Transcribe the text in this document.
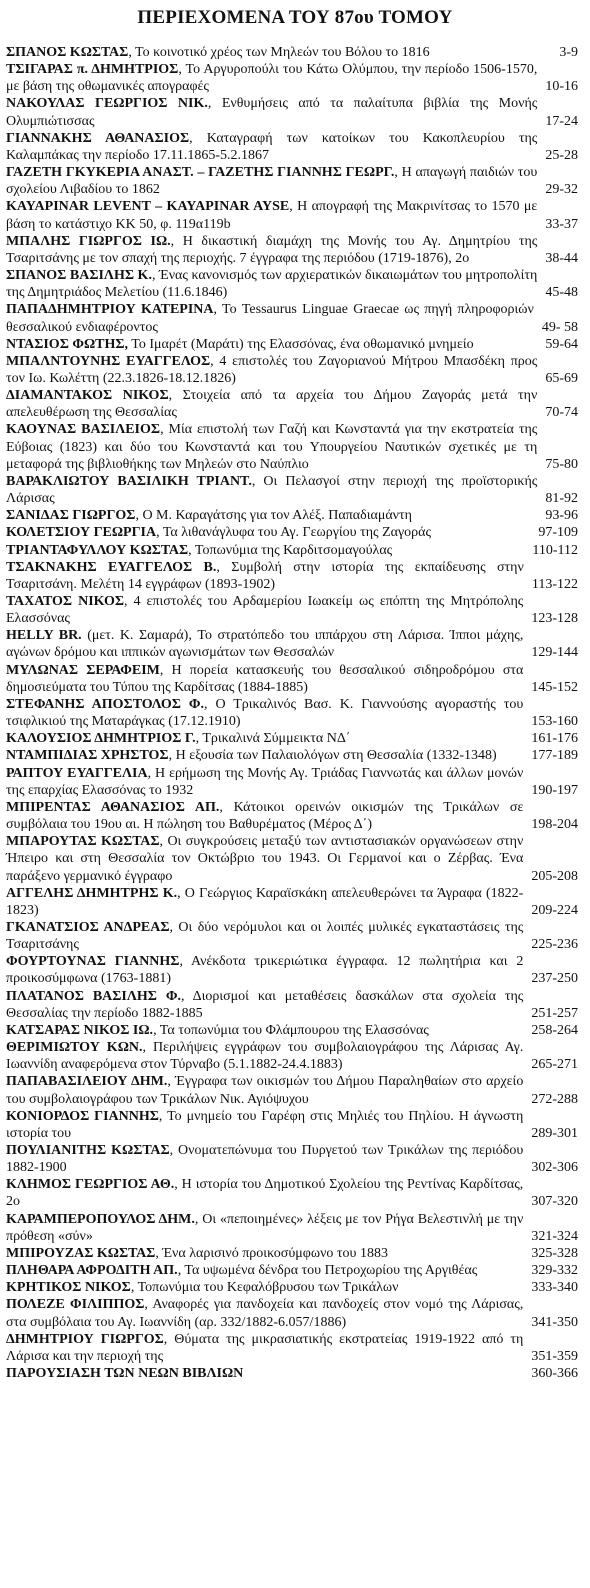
ΠΕΡΙΕΧΟΜΕΝΑ ΤΟΥ 87ου ΤΟΜΟΥ
ΣΠΑΝΟΣ ΚΩΣΤΑΣ, Το κοινοτικό χρέος των Μηλεών του Βόλου το 1816	3-9
ΤΣΙΓΑΡΑΣ π. ΔΗΜΗΤΡΙΟΣ, Το Αργυροπούλι του Κάτω Ολύμπου, την περίοδο 1506-1570, με βάση της οθωμανικές απογραφές	10-16
ΝΑΚΟΥΛΑΣ ΓΕΩΡΓΙΟΣ ΝΙΚ., Ενθυμήσεις από τα παλαίτυπα βιβλία της Μονής Ολυμπιώτισσας	17-24
ΓΙΑΝΝΑΚΗΣ ΑΘΑΝΑΣΙΟΣ, Καταγραφή των κατοίκων του Κακοπλευρίου της Καλαμπάκας την περίοδο 17.11.1865-5.2.1867	25-28
ΓΑΖΕΤΗ ΓΚΥΚΕΡΙΑ ΑΝΑΣΤ. – ΓΑΖΕΤΗΣ ΓΙΑΝΝΗΣ ΓΕΩΡΓ., Η απαγωγή παιδιών του σχολείου Λιβαδίου το 1862	29-32
KAYAPINAR LEVENT – KAYAPINAR AYSE, Η απογραφή της Μακρινίτσας το 1570 με βάση το κατάστιχο ΚΚ 50, φ. 119α119b	33-37
ΜΠΑΛΗΣ ΓΙΩΡΓΟΣ ΙΩ., Η δικαστική διαμάχη της Μονής του Αγ. Δημητρίου της Τσαριτσάνης με τον σπαχή της περιοχής. 7 έγγραφα της περιόδου (1719-1876), 2ο	38-44
ΣΠΑΝΟΣ ΒΑΣΙΛΗΣ Κ., Ένας κανονισμός των αρχιερατικών δικαιωμάτων του μητροπολίτη της Δημητριάδος Μελετίου (11.6.1846)	45-48
ΠΑΠΑΔΗΜΗΤΡΙΟΥ ΚΑΤΕΡΙΝΑ, Το Tessaurus Linguae Graecae ως πηγή πληροφοριών θεσσαλικού ενδιαφέροντος	49- 58
ΝΤΑΣΙΟΣ ΦΩΤΗΣ, Το Ιμαρέτ (Μαράτι) της Ελασσόνας, ένα οθωμανικό μνημείο	59-64
ΜΠΑΛΝΤΟΥΝΗΣ ΕΥΑΓΓΕΛΟΣ, 4 επιστολές του Ζαγοριανού Μήτρου Μπασδέκη προς τον Ιω. Κωλέττη (22.3.1826-18.12.1826)	65-69
ΔΙΑΜΑΝΤΑΚΟΣ ΝΙΚΟΣ, Στοιχεία από τα αρχεία του Δήμου Ζαγοράς μετά την απελευθέρωση της Θεσσαλίας	70-74
ΚΑΟΥΝΑΣ ΒΑΣΙΛΕΙΟΣ, Μία επιστολή των Γαζή και Κωνσταντά για την εκστρατεία της Εύβοιας (1823) και δύο του Κωνσταντά και του Υπουργείου Ναυτικών σχετικές με τη μεταφορά της βιβλιοθήκης των Μηλεών στο Ναύπλιο	75-80
ΒΑΡΑΚΛΙΩΤΟΥ ΒΑΣΙΛΙΚΗ ΤΡΙΑΝΤ., Οι Πελασγοί στην περιοχή της προϊστορικής Λάρισας	81-92
ΣΑΝΙΔΑΣ ΓΙΩΡΓΟΣ, Ο Μ. Καραγάτσης για τον Αλέξ. Παπαδιαμάντη	93-96
ΚΟΛΕΤΣΙΟΥ ΓΕΩΡΓΙΑ, Τα λιθανάγλυφα του Αγ. Γεωργίου της Ζαγοράς	97-109
ΤΡΙΑΝΤΑΦΥΛΛΟΥ ΚΩΣΤΑΣ, Τοπωνύμια της Καρδιτσομαγούλας	110-112
ΤΣΑΚΝΑΚΗΣ ΕΥΑΓΓΕΛΟΣ Β., Συμβολή στην ιστορία της εκπαίδευσης στην Τσαριτσάνη. Μελέτη 14 εγγράφων (1893-1902)	113-122
ΤΑΧΑΤΟΣ ΝΙΚΟΣ, 4 επιστολές του Αρδαμερίου Ιωακείμ ως επόπτη της Μητρόπολης Ελασσόνας	123-128
HELLY BR. (μετ. Κ. Σαμαρά), Το στρατόπεδο του ιππάρχου στη Λάρισα. Ίπποι μάχης, αγώνων δρόμου και ιππικών αγωνισμάτων των Θεσσαλών	129-144
ΜΥΛΩΝΑΣ ΣΕΡΑΦΕΙΜ, Η πορεία κατασκευής του θεσσαλικού σιδηροδρόμου στα δημοσιεύματα του Τύπου της Καρδίτσας (1884-1885)	145-152
ΣΤΕΦΑΝΗΣ ΑΠΟΣΤΟΛΟΣ Φ., Ο Τρικαλινός Βασ. Κ. Γιαννούσης αγοραστής του τσιφλικιού της Mαταράγκας (17.12.1910)	153-160
ΚΑΛΟΥΣΙΟΣ ΔΗΜΗΤΡΙΟΣ Γ., Τρικαλινά Σύμμεικτα ΝΔ΄	161-176
ΝΤΑΜΠΙΔΙΑΣ ΧΡΗΣΤΟΣ, Η εξουσία των Παλαιολόγων στη Θεσσαλία (1332-1348)	177-189
ΡΑΠΤΟΥ ΕΥΑΓΓΕΛΙΑ, Η ερήμωση της Μονής Αγ. Τριάδας Γιαννωτάς και άλλων μονών της επαρχίας Ελασσόνας το 1932	190-197
ΜΠΙΡΕΝΤΑΣ ΑΘΑΝΑΣΙΟΣ ΑΠ., Κάτοικοι ορεινών οικισμών της Τρικάλων σε συμβόλαια του 19ου αι. Η πώληση του Βαθυρέματος (Μέρος Δ΄)	198-204
ΜΠΑΡΟΥΤΑΣ ΚΩΣΤΑΣ, Οι συγκρούσεις μεταξύ των αντιστασιακών οργανώσεων στην Ήπειρο και στη Θεσσαλία τον Οκτώβριο του 1943. Οι Γερμανοί και ο Ζέρβας. Ένα παράξενο γερμανικό έγγραφο	205-208
ΑΓΓΕΛΗΣ ΔΗΜΗΤΡΗΣ Κ., Ο Γεώργιος Καραϊσκάκη απελευθερώνει τα Άγραφα (1822-1823)	209-224
ΓΚΑΝΑΤΣΙΟΣ ΑΝΔΡΕΑΣ, Οι δύο νερόμυλοι και οι λοιπές μυλικές εγκαταστάσεις της Τσαριτσάνης	225-236
ΦΟΥΡΤΟΥΝΑΣ ΓΙΑΝΝΗΣ, Ανέκδοτα τρικεριώτικα έγγραφα. 12 πωλητήρια και 2 προικοσύμφωνα (1763-1881)	237-250
ΠΛΑΤΑΝΟΣ ΒΑΣΙΛΗΣ Φ., Διορισμοί και μεταθέσεις δασκάλων στα σχολεία της Θεσσαλίας την περίοδο 1882-1885	251-257
ΚΑΤΣΑΡΑΣ ΝΙΚΟΣ ΙΩ., Τα τοπωνύμια του Φλάμπουρου της Ελασσόνας	258-264
ΘΕΡΙΜΙΩΤΟΥ ΚΩΝ., Περιλήψεις εγγράφων του συμβολαιογράφου της Λάρισας Αγ. Ιωαννίδη αναφερόμενα στον Τύρναβο (5.1.1882-24.4.1883)	265-271
ΠΑΠΑΒΑΣΙΛΕΙΟΥ ΔΗΜ., Έγγραφα των οικισμών του Δήμου Παραληθαίων στο αρχείο του συμβολαιογράφου των Τρικάλων Νικ. Αγιόψυχου	272-288
ΚΟΝΙΟΡΔΟΣ ΓΙΑΝΝΗΣ, Το μνημείο του Γαρέφη στις Μηλιές του Πηλίου. Η άγνωστη ιστορία του	289-301
ΠΟΥΛΙΑΝΙΤΗΣ ΚΩΣΤΑΣ, Ονοματεπώνυμα του Πυργετού των Τρικάλων της περιόδου 1882-1900	302-306
ΚΛΗΜΟΣ ΓΕΩΡΓΙΟΣ ΑΘ., Η ιστορία του Δημοτικού Σχολείου της Ρεντίνας Καρδίτσας, 2ο	307-320
ΚΑΡΑΜΠΕΡΟΠΟΥΛΟΣ ΔΗΜ., Οι «πεποιημένες» λέξεις με τον Ρήγα Βελεστινλή με την πρόθεση «σύν»	321-324
ΜΠΙΡΟΥΖΑΣ ΚΩΣΤΑΣ, Ένα λαρισινό προικοσύμφωνο του 1883	325-328
ΠΛΗΘΑΡΑ ΑΦΡΟΔΙΤΗ ΑΠ., Τα υψωμένα δένδρα του Πετροχωρίου της Αργιθέας	329-332
ΚΡΗΤΙΚΟΣ ΝΙΚΟΣ, Τοπωνύμια του Κεφαλόβρυσου των Τρικάλων	333-340
ΠΟΛΕΖΕ ΦΙΛΙΠΠΟΣ, Αναφορές για πανδοχεία και πανδοχείς στον νομό της Λάρισας, στα συμβόλαια του Αγ. Ιωαννίδη (αρ. 332/1882-6.057/1886)	341-350
ΔΗΜΗΤΡΙΟΥ ΓΙΩΡΓΟΣ, Θύματα της μικρασιατικής εκστρατείας 1919-1922 από τη Λάρισα και την περιοχή της	351-359
ΠΑΡΟΥΣΙΑΣΗ ΤΩΝ ΝΕΩΝ ΒΙΒΛΙΩΝ	360-366
